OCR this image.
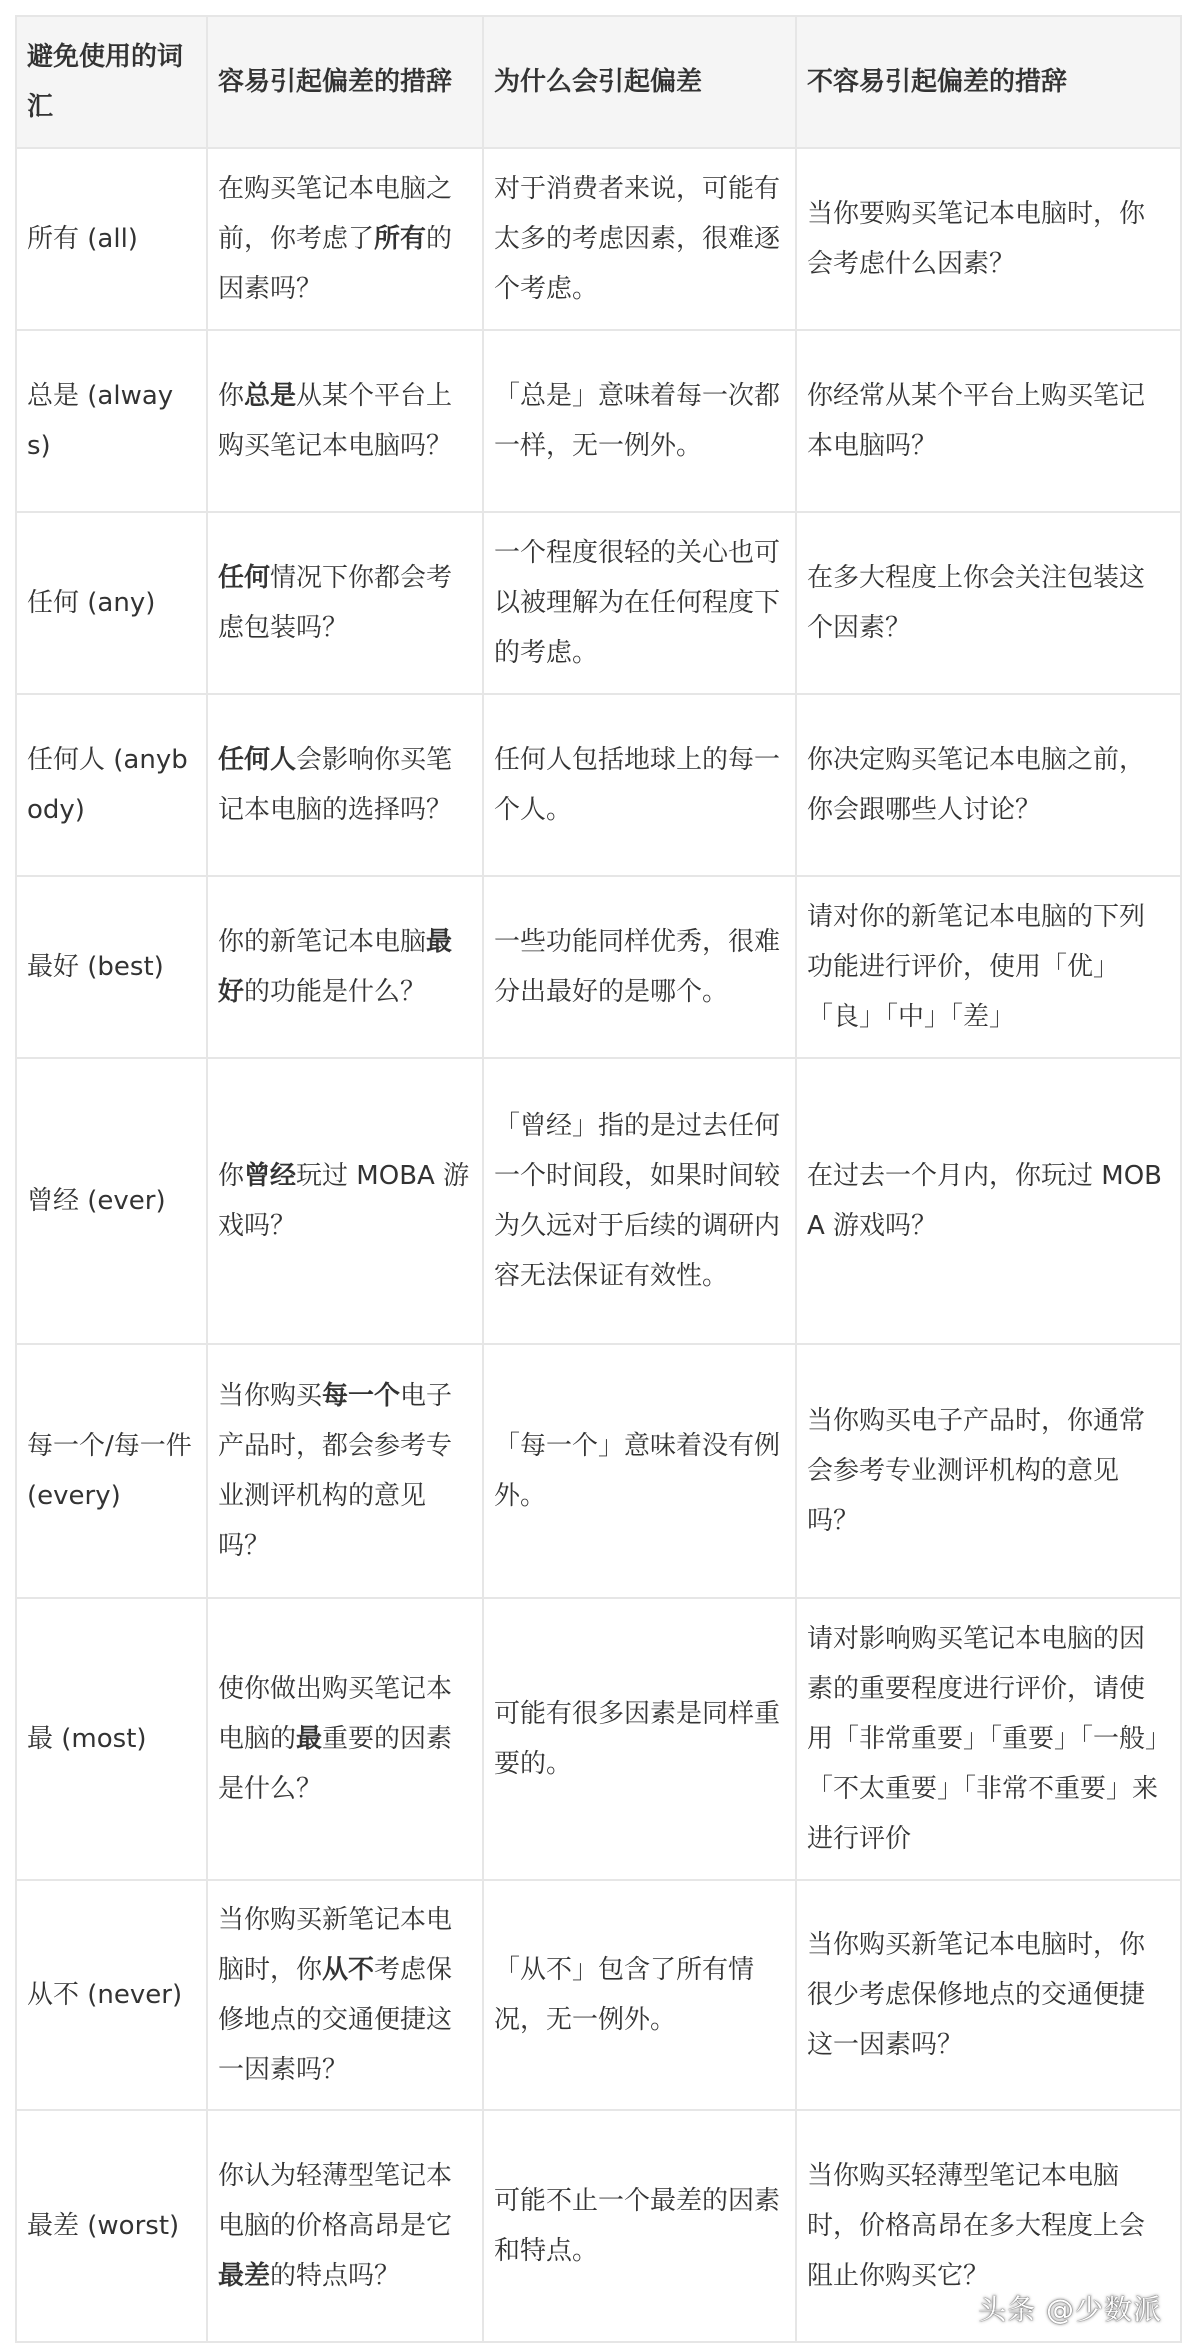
避免使用的词汇	容易引起偏差的措辞	为什么会引起偏差	不容易引起偏差的措辞
所有 (all)	在购买笔记本电脑之前，你考虑了所有的因素吗？	对于消费者来说，可能有太多的考虑因素，很难逐个考虑。	当你要购买笔记本电脑时，你会考虑什么因素？
总是 (always)	你总是从某个平台上购买笔记本电脑吗？	「总是」意味着每一次都一样，无一例外。	你经常从某个平台上购买笔记本电脑吗？
任何 (any)	任何情况下你都会考虑包装吗？	一个程度很轻的关心也可以被理解为在任何程度下的考虑。	在多大程度上你会关注包装这个因素？
任何人 (anybody)	任何人会影响你买笔记本电脑的选择吗？	任何人包括地球上的每一个人。	你决定购买笔记本电脑之前，你会跟哪些人讨论？
最好 (best)	你的新笔记本电脑最好的功能是什么？	一些功能同样优秀，很难分出最好的是哪个。	请对你的新笔记本电脑的下列功能进行评价，使用「优」「良」「中」「差」
曾经 (ever)	你曾经玩过 MOBA 游戏吗？	「曾经」指的是过去任何一个时间段，如果时间较为久远对于后续的调研内容无法保证有效性。	在过去一个月内，你玩过 MOBA 游戏吗？
每一个/每一件 (every)	当你购买每一个电子产品时，都会参考专业测评机构的意见吗？	「每一个」意味着没有例外。	当你购买电子产品时，你通常会参考专业测评机构的意见吗？
最 (most)	使你做出购买笔记本电脑的最重要的因素是什么？	可能有很多因素是同样重要的。	请对影响购买笔记本电脑的因素的重要程度进行评价，请使用「非常重要」「重要」「一般」「不太重要」「非常不重要」来进行评价
从不 (never)	当你购买新笔记本电脑时，你从不考虑保修地点的交通便捷这一因素吗？	「从不」包含了所有情况，无一例外。	当你购买新笔记本电脑时，你很少考虑保修地点的交通便捷这一因素吗？
最差 (worst)	你认为轻薄型笔记本电脑的价格高昂是它最差的特点吗？	可能不止一个最差的因素和特点。	当你购买轻薄型笔记本电脑时，价格高昂在多大程度上会阻止你购买它？
头条 @少数派
